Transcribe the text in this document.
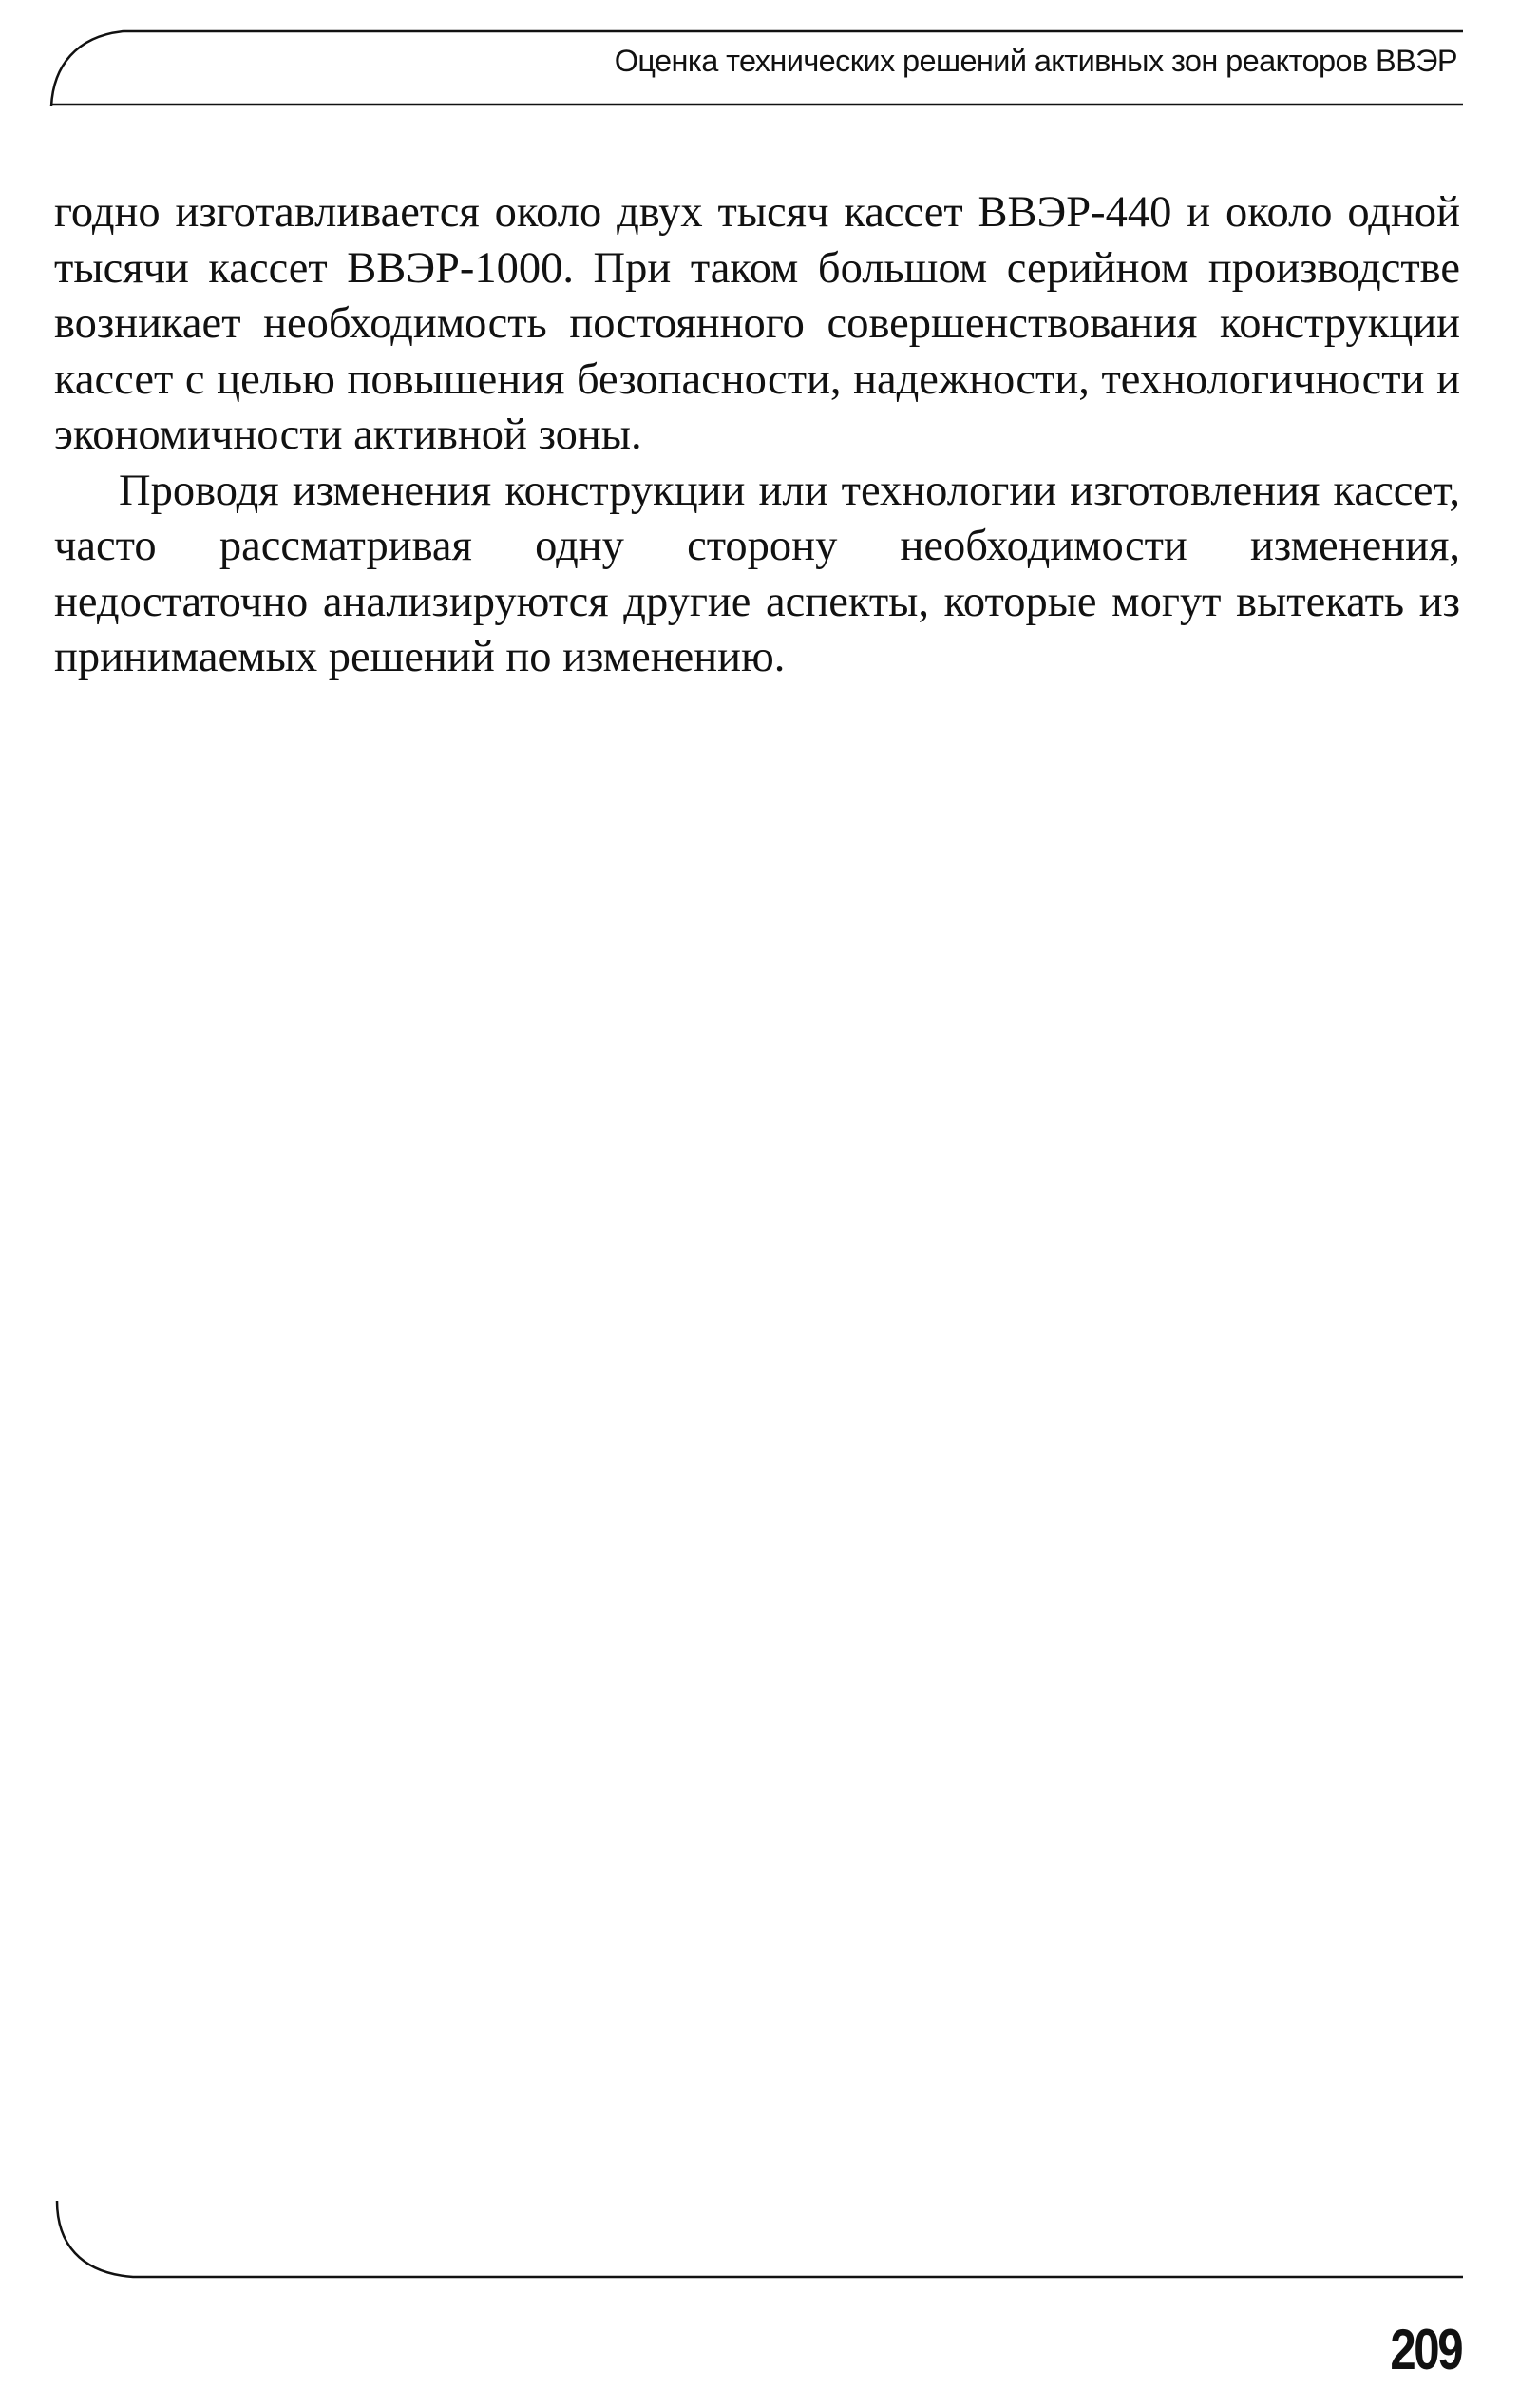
Оценка технических решений активных зон реакторов ВВЭР

годно изготавливается около двух тысяч кассет ВВЭР-440 и около одной тысячи кассет ВВЭР-1000. При таком большом серийном производстве возникает необходимость постоянного совершенствования конструкции кассет с целью повышения безопасности, надежности, технологичности и экономичности активной зоны.

Проводя изменения конструкции или технологии изготовления кассет, часто рассматривая одну сторону необходимости изменения, недостаточно анализируются другие аспекты, которые могут вытекать из принимаемых решений по изменению.

209
